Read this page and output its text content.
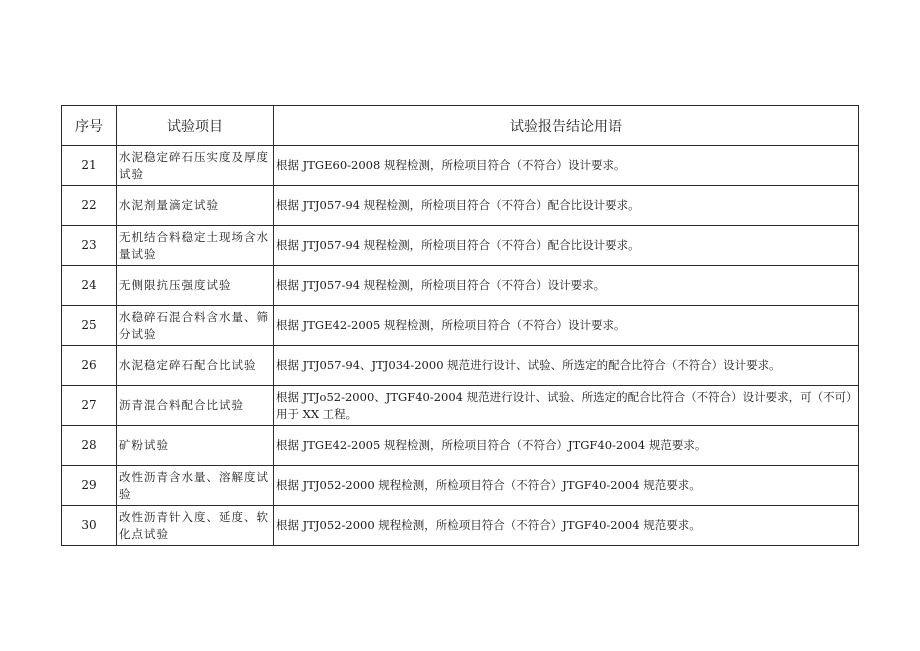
序号	试验项目	试验报告结论用语
21	水泥稳定碎石压实度及厚度试验	根据 JTGE60-2008 规程检测，所检项目符合（不符合）设计要求。
22	水泥剂量滴定试验	根据 JTJ057-94 规程检测，所检项目符合（不符合）配合比设计要求。
23	无机结合料稳定土现场含水量试验	根据 JTJ057-94 规程检测，所检项目符合（不符合）配合比设计要求。
24	无侧限抗压强度试验	根据 JTJ057-94 规程检测，所检项目符合（不符合）设计要求。
25	水稳碎石混合料含水量、筛分试验	根据 JTGE42-2005 规程检测，所检项目符合（不符合）设计要求。
26	水泥稳定碎石配合比试验	根据 JTJ057-94、JTJ034-2000 规范进行设计、试验、所选定的配合比符合（不符合）设计要求。
27	沥青混合料配合比试验	根据 JTJo52-2000、JTGF40-2004 规范进行设计、试验、所选定的配合比符合（不符合）设计要求，可（不可）用于 XX 工程。
28	矿粉试验	根据 JTGE42-2005 规程检测，所检项目符合（不符合）JTGF40-2004 规范要求。
29	改性沥青含水量、溶解度试验	根据 JTJ052-2000 规程检测，所检项目符合（不符合）JTGF40-2004 规范要求。
30	改性沥青针入度、延度、软化点试验	根据 JTJ052-2000 规程检测，所检项目符合（不符合）JTGF40-2004 规范要求。
